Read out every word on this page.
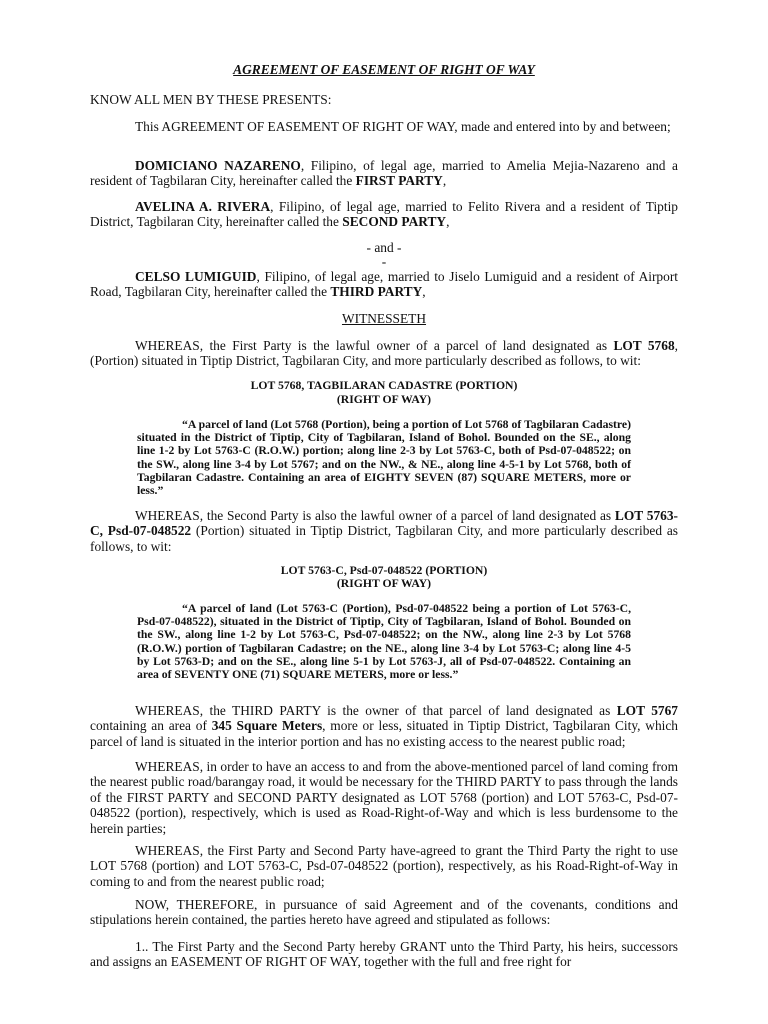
AGREEMENT OF EASEMENT OF RIGHT OF WAY

KNOW ALL MEN BY THESE PRESENTS:

This AGREEMENT OF EASEMENT OF RIGHT OF WAY, made and entered into by and between;

DOMICIANO NAZARENO, Filipino, of legal age, married to Amelia Mejia-Nazareno and a resident of Tagbilaran City, hereinafter called the FIRST PARTY,

AVELINA A. RIVERA, Filipino, of legal age, married to Felito Rivera and a resident of Tiptip District, Tagbilaran City, hereinafter called the SECOND PARTY,

- and -

-

CELSO LUMIGUID, Filipino, of legal age, married to Jiselo Lumiguid and a resident of Airport Road, Tagbilaran City, hereinafter called the THIRD PARTY,

WITNESSETH

WHEREAS, the First Party is the lawful owner of a parcel of land designated as LOT 5768, (Portion) situated in Tiptip District, Tagbilaran City, and more particularly described as follows, to wit:

LOT 5768, TAGBILARAN CADASTRE (PORTION)

(RIGHT OF WAY)

“A parcel of land (Lot 5768 (Portion), being a portion of Lot 5768 of Tagbilaran Cadastre) situated in the District of Tiptip, City of Tagbilaran, Island of Bohol. Bounded on the SE., along line 1-2 by Lot 5763-C (R.O.W.) portion; along line 2-3 by Lot 5763-C, both of Psd-07-048522; on the SW., along line 3-4 by Lot 5767; and on the NW., & NE., along line 4-5-1 by Lot 5768, both of Tagbilaran Cadastre. Containing an area of EIGHTY SEVEN (87) SQUARE METERS, more or less.”

WHEREAS, the Second Party is also the lawful owner of a parcel of land designated as LOT 5763-C, Psd-07-048522 (Portion) situated in Tiptip District, Tagbilaran City, and more particularly described as follows, to wit:

LOT 5763-C, Psd-07-048522 (PORTION)

(RIGHT OF WAY)

“A parcel of land (Lot 5763-C (Portion), Psd-07-048522 being a portion of Lot 5763-C, Psd-07-048522), situated in the District of Tiptip, City of Tagbilaran, Island of Bohol. Bounded on the SW., along line 1-2 by Lot 5763-C, Psd-07-048522; on the NW., along line 2-3 by Lot 5768 (R.O.W.) portion of Tagbilaran Cadastre; on the NE., along line 3-4 by Lot 5763-C; along line 4-5 by Lot 5763-D; and on the SE., along line 5-1 by Lot 5763-J, all of Psd-07-048522. Containing an area of SEVENTY ONE (71) SQUARE METERS, more or less.”

WHEREAS, the THIRD PARTY is the owner of that parcel of land designated as LOT 5767 containing an area of 345 Square Meters, more or less, situated in Tiptip District, Tagbilaran City, which parcel of land is situated in the interior portion and has no existing access to the nearest public road;

WHEREAS, in order to have an access to and from the above-mentioned parcel of land coming from the nearest public road/barangay road, it would be necessary for the THIRD PARTY to pass through the lands of the FIRST PARTY and SECOND PARTY designated as LOT 5768 (portion) and LOT 5763-C, Psd-07-048522 (portion), respectively, which is used as Road-Right-of-Way and which is less burdensome to the herein parties;

WHEREAS, the First Party and Second Party have-agreed to grant the Third Party the right to use LOT 5768 (portion) and LOT 5763-C, Psd-07-048522 (portion), respectively, as his Road-Right-of-Way in coming to and from the nearest public road;

NOW, THEREFORE, in pursuance of said Agreement and of the covenants, conditions and stipulations herein contained, the parties hereto have agreed and stipulated as follows:

1.. The First Party and the Second Party hereby GRANT unto the Third Party, his heirs, successors and assigns an EASEMENT OF RIGHT OF WAY, together with the full and free right for
